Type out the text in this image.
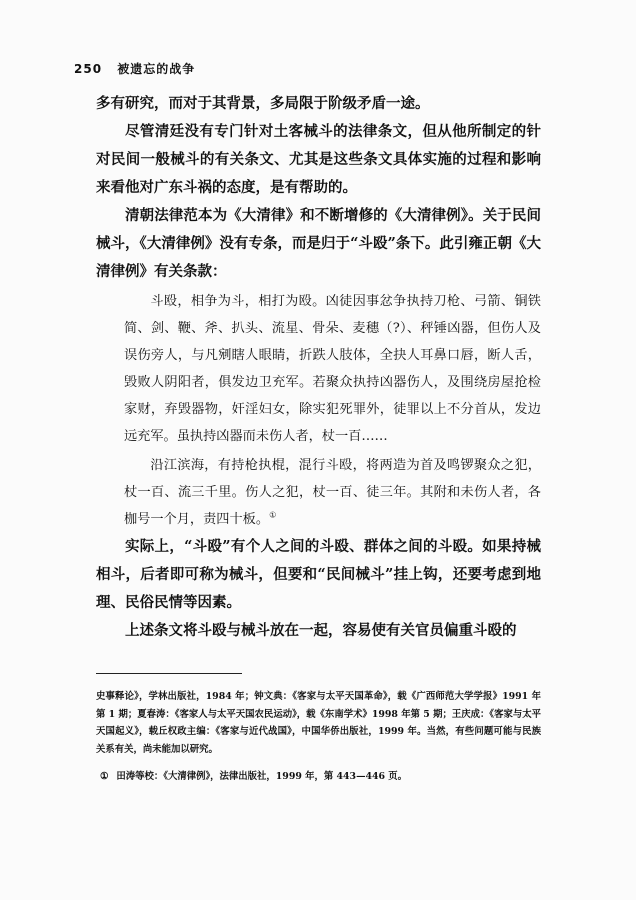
250 被遗忘的战争

多有研究，而对于其背景，多局限于阶级矛盾一途。

尽管清廷没有专门针对土客械斗的法律条文，但从他所制定的针对民间一般械斗的有关条文、尤其是这些条文具体实施的过程和影响来看他对广东斗祸的态度，是有帮助的。

清朝法律范本为《大清律》和不断增修的《大清律例》。关于民间械斗，《大清律例》没有专条，而是归于“斗殴”条下。此引雍正朝《大清律例》有关条款：

斗殴，相争为斗，相打为殴。凶徒因事忿争执持刀枪、弓箭、铜铁简、剑、鞭、斧、扒头、流星、骨朵、麦穗（?）、秤锤凶器，但伤人及误伤旁人，与凡剜瞎人眼睛，折跌人肢体，全抉人耳鼻口唇，断人舌，毁败人阴阳者，俱发边卫充军。若聚众执持凶器伤人，及围绕房屋抢检家财，弃毁器物，奸淫妇女，除实犯死罪外，徒罪以上不分首从，发边远充军。虽执持凶器而未伤人者，杖一百……

沿江滨海，有持枪执棍，混行斗殴，将两造为首及鸣锣聚众之犯，杖一百、流三千里。伤人之犯，杖一百、徒三年。其附和未伤人者，各枷号一个月，责四十板。①

实际上，“斗殴”有个人之间的斗殴、群体之间的斗殴。如果持械相斗，后者即可称为械斗，但要和“民间械斗”挂上钩，还要考虑到地理、民俗民情等因素。

上述条文将斗殴与械斗放在一起，容易使有关官员偏重斗殴的

史事释论》，学林出版社，1984 年；钟文典：《客家与太平天国革命》，载《广西师范大学学报》1991 年第 1 期；夏春涛：《客家人与太平天国农民运动》，载《东南学术》1998 年第 5 期；王庆成：《客家与太平天国起义》，载丘权政主编：《客家与近代战国》，中国华侨出版社，1999 年。当然，有些问题可能与民族关系有关，尚未能加以研究。

① 田涛等校：《大清律例》，法律出版社，1999 年，第 443—446 页。
